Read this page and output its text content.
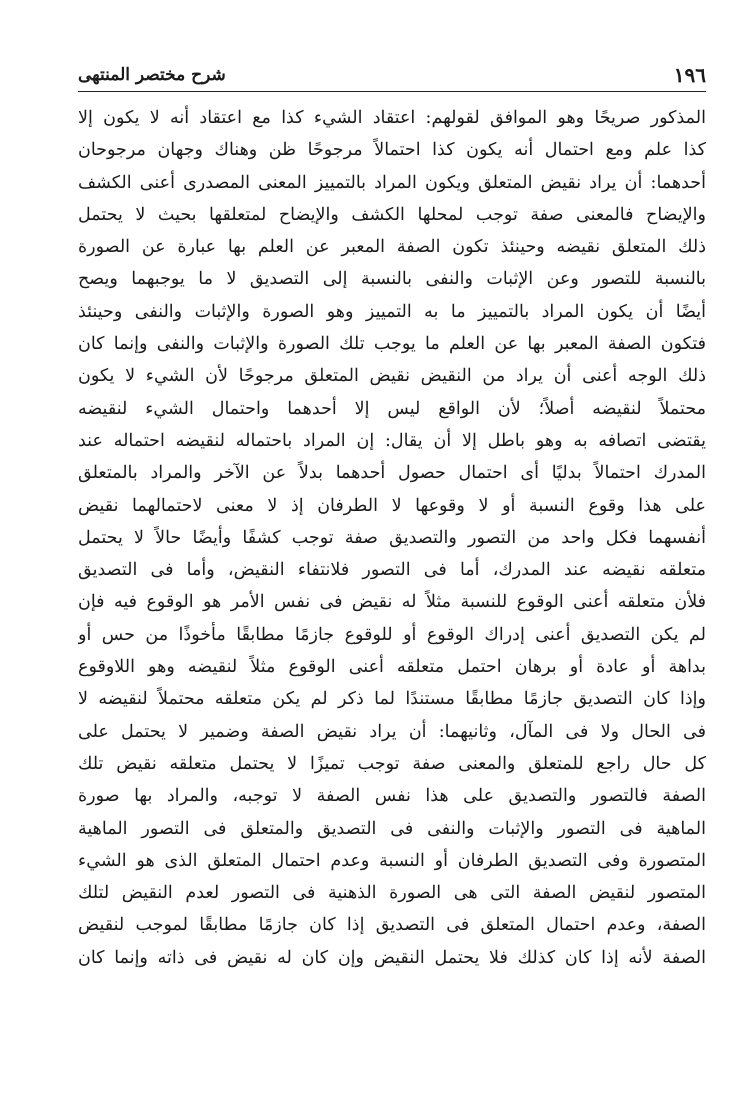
١٩٦
شرح مختصر المنتهى
المذكور صريحًا وهو الموافق لقولهم: اعتقاد الشيء كذا مع اعتقاد أنه لا يكون إلا
كذا علم ومع احتمال أنه يكون كذا احتمالاً مرجوحًا ظن وهناك وجهان مرجوحان
أحدهما: أن يراد نقيض المتعلق ويكون المراد بالتمييز المعنى المصدرى أعنى الكشف
والإيضاح فالمعنى صفة توجب لمحلها الكشف والإيضاح لمتعلقها بحيث لا يحتمل
ذلك المتعلق نقيضه وحينئذ تكون الصفة المعبر عن العلم بها عبارة عن الصورة
بالنسبة للتصور وعن الإثبات والنفى بالنسبة إلى التصديق لا ما يوجبهما ويصح
أيضًا أن يكون المراد بالتمييز ما به التمييز وهو الصورة والإثبات والنفى وحينئذ
فتكون الصفة المعبر بها عن العلم ما يوجب تلك الصورة والإثبات والنفى وإنما كان
ذلك الوجه أعنى أن يراد من النقيض نقيض المتعلق مرجوحًا لأن الشيء لا يكون
محتملاً لنقيضه أصلاً؛ لأن الواقع ليس إلا أحدهما واحتمال الشيء لنقيضه
يقتضى اتصافه به وهو باطل إلا أن يقال: إن المراد باحتماله لنقيضه احتماله عند
المدرك احتمالاً بدليًا أى احتمال حصول أحدهما بدلاً عن الآخر والمراد بالمتعلق
على هذا وقوع النسبة أو لا وقوعها لا الطرفان إذ لا معنى لاحتمالهما نقيض
أنفسهما فكل واحد من التصور والتصديق صفة توجب كشفًا وأيضًا حالاً لا يحتمل
متعلقه نقيضه عند المدرك، أما فى التصور فلانتفاء النقيض، وأما فى التصديق
فلأن متعلقه أعنى الوقوع للنسبة مثلاً له نقيض فى نفس الأمر هو الوقوع فيه فإن
لم يكن التصديق أعنى إدراك الوقوع أو للوقوع جازمًا مطابقًا مأخوذًا من حس أو
بداهة أو عادة أو برهان احتمل متعلقه أعنى الوقوع مثلاً لنقيضه وهو اللاوقوع
وإذا كان التصديق جازمًا مطابقًا مستندًا لما ذكر لم يكن متعلقه محتملاً لنقيضه لا
فى الحال ولا فى المآل، وثانيهما: أن يراد نقيض الصفة وضمير لا يحتمل على
كل حال راجع للمتعلق والمعنى صفة توجب تميزًا لا يحتمل متعلقه نقيض تلك
الصفة فالتصور والتصديق على هذا نفس الصفة لا توجبه، والمراد بها صورة
الماهية فى التصور والإثبات والنفى فى التصديق والمتعلق فى التصور الماهية
المتصورة وفى التصديق الطرفان أو النسبة وعدم احتمال المتعلق الذى هو الشيء
المتصور لنقيض الصفة التى هى الصورة الذهنية فى التصور لعدم النقيض لتلك
الصفة، وعدم احتمال المتعلق فى التصديق إذا كان جازمًا مطابقًا لموجب لنقيض
الصفة لأنه إذا كان كذلك فلا يحتمل النقيض وإن كان له نقيض فى ذاته وإنما كان
